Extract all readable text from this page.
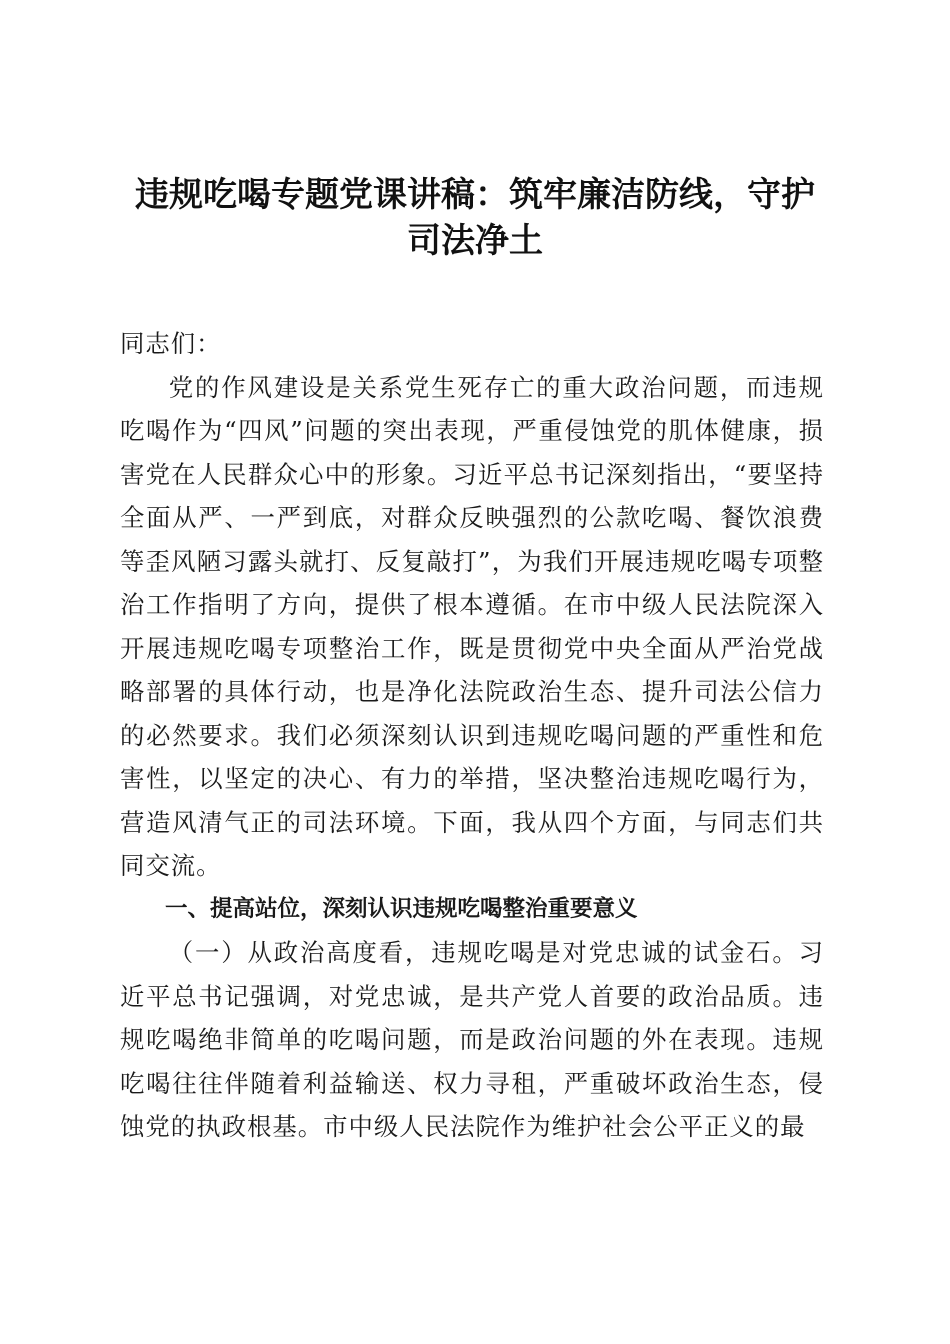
违规吃喝专题党课讲稿：筑牢廉洁防线，守护
司法净土

同志们：

党的作风建设是关系党生死存亡的重大政治问题，而违规吃喝作为“四风”问题的突出表现，严重侵蚀党的肌体健康，损害党在人民群众心中的形象。习近平总书记深刻指出，“要坚持全面从严、一严到底，对群众反映强烈的公款吃喝、餐饮浪费等歪风陋习露头就打、反复敲打”，为我们开展违规吃喝专项整治工作指明了方向，提供了根本遵循。在市中级人民法院深入开展违规吃喝专项整治工作，既是贯彻党中央全面从严治党战略部署的具体行动，也是净化法院政治生态、提升司法公信力的必然要求。我们必须深刻认识到违规吃喝问题的严重性和危害性，以坚定的决心、有力的举措，坚决整治违规吃喝行为，营造风清气正的司法环境。下面，我从四个方面，与同志们共同交流。

一、提高站位，深刻认识违规吃喝整治重要意义

（一）从政治高度看，违规吃喝是对党忠诚的试金石。习近平总书记强调，对党忠诚，是共产党人首要的政治品质。违规吃喝绝非简单的吃喝问题，而是政治问题的外在表现。违规吃喝往往伴随着利益输送、权力寻租，严重破坏政治生态，侵蚀党的执政根基。市中级人民法院作为维护社会公平正义的最
